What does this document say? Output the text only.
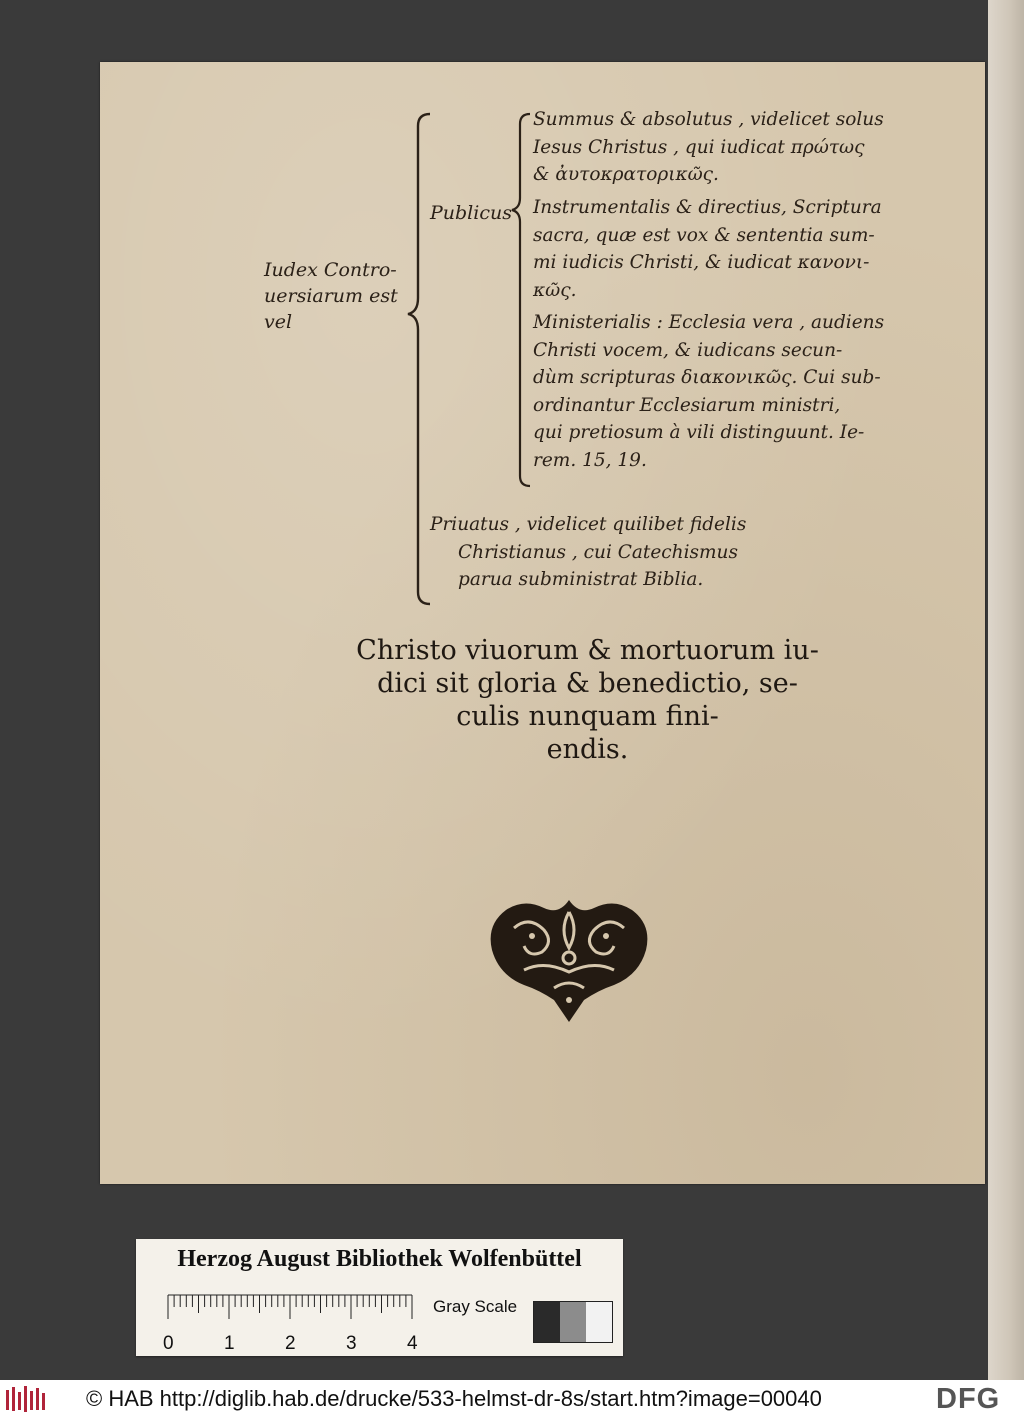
Iudex Contro-
uersiarum est
vel
Publicus
Summus & absolutus , videlicet solus
Iesus Christus , qui iudicat πρώτως
& ἀυτοκρατορικῶς.
Instrumentalis & directius, Scriptura
sacra, quæ est vox & sententia sum-
mi iudicis Christi, & iudicat κανονι-
κῶς.
Ministerialis : Ecclesia vera , audiens
Christi vocem, & iudicans secun-
dùm scripturas διακονικῶς. Cui sub-
ordinantur Ecclesiarum ministri,
qui pretiosum à vili distinguunt. Ie-
rem. 15, 19.
Priuatus , videlicet quilibet fidelis
Christianus , cui Catechismus
parua subministrat Biblia.

Christo viuorum & mortuorum iu-

dici sit gloria & benedictio, se-

culis nunquam fini-

endis.

Herzog August Bibliothek Wolfenbüttel
0	1	2	3	4
Gray Scale
© HAB http://diglib.hab.de/drucke/533-helmst-dr-8s/start.htm?image=00040	DFG
